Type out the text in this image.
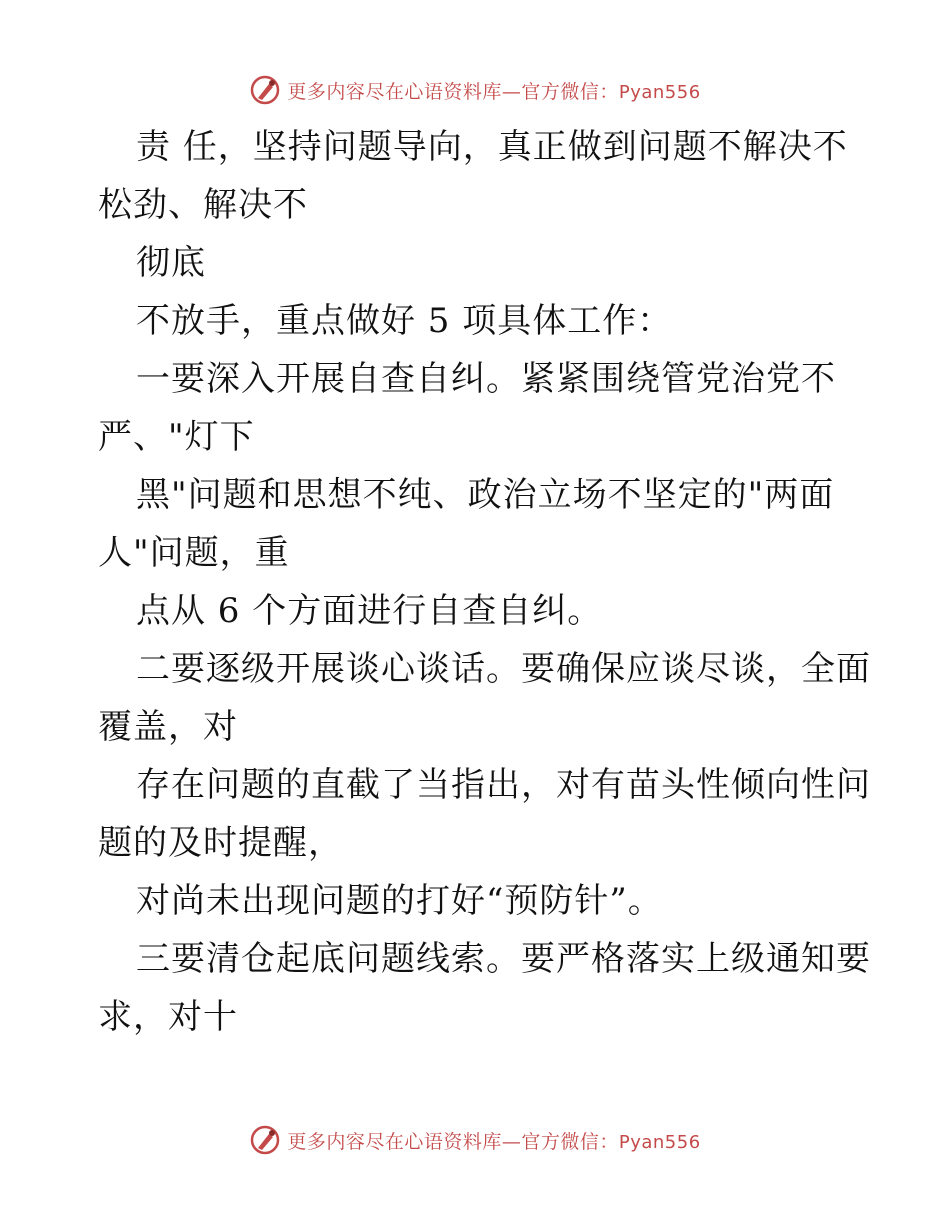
更多内容尽在心语资料库—官方微信：Pyan556
责 任，坚持问题导向，真正做到问题不解决不
松劲、解决不
彻底
不放手，重点做好 5 项具体工作：
一要深入开展自查自纠。紧紧围绕管党治党不
严、"灯下
黑"问题和思想不纯、政治立场不坚定的"两面
人"问题，重
点从 6 个方面进行自查自纠。
二要逐级开展谈心谈话。要确保应谈尽谈，全面
覆盖，对
存在问题的直截了当指出，对有苗头性倾向性问
题的及时提醒，
对尚未出现问题的打好“预防针”。
三要清仓起底问题线索。要严格落实上级通知要
求，对十
更多内容尽在心语资料库—官方微信：Pyan556
